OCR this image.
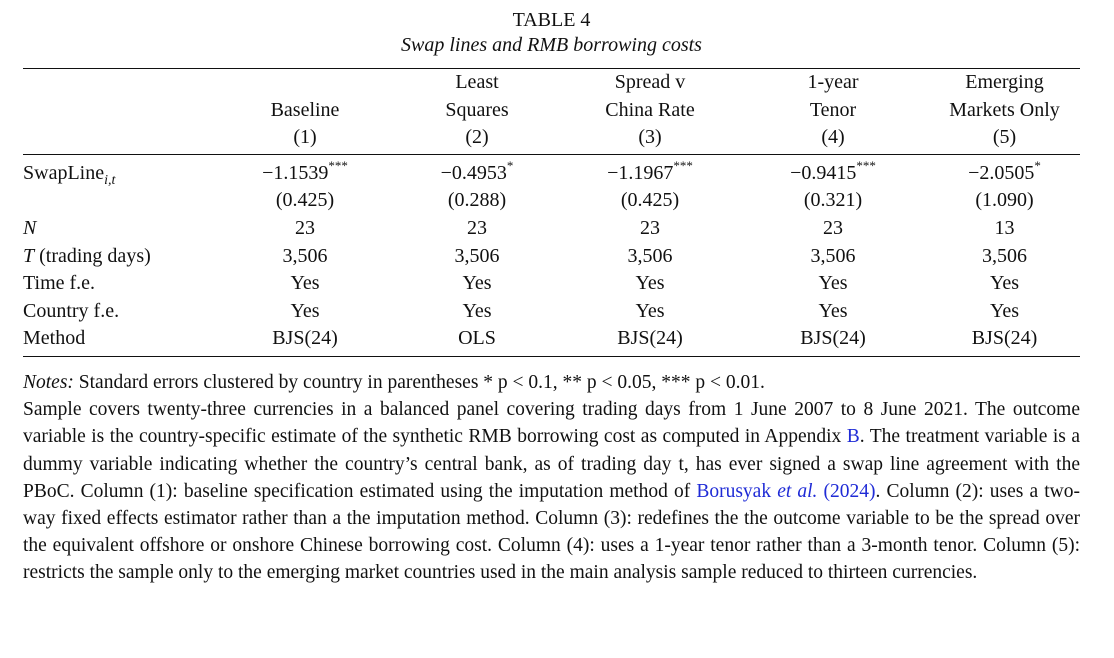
TABLE 4
Swap lines and RMB borrowing costs
		Least	Spread v	1-year	Emerging
	Baseline	Squares	China Rate	Tenor	Markets Only
	(1)	(2)	(3)	(4)	(5)
SwapLine$_{i,t}$	−1.1539***	−0.4953*	−1.1967***	−0.9415***	−2.0505*
	(0.425)	(0.288)	(0.425)	(0.321)	(1.090)
N	23	23	23	23	13
T (trading days)	3,506	3,506	3,506	3,506	3,506
Time f.e.	Yes	Yes	Yes	Yes	Yes
Country f.e.	Yes	Yes	Yes	Yes	Yes
Method	BJS(24)	OLS	BJS(24)	BJS(24)	BJS(24)
Notes: Standard errors clustered by country in parentheses * p < 0.1, ** p < 0.05, *** p < 0.01.
Sample covers twenty-three currencies in a balanced panel covering trading days from 1 June 2007 to 8 June 2021. The outcome variable is the country-specific estimate of the synthetic RMB borrowing cost as computed in Appendix B. The treatment variable is a dummy variable indicating whether the country’s central bank, as of trading day t, has ever signed a swap line agreement with the PBoC. Column (1): baseline specification estimated using the imputation method of Borusyak et al. (2024). Column (2): uses a two-way fixed effects estimator rather than a the imputation method. Column (3): redefines the the outcome variable to be the spread over the equivalent offshore or onshore Chinese borrowing cost. Column (4): uses a 1-year tenor rather than a 3-month tenor. Column (5): restricts the sample only to the emerging market countries used in the main analysis sample reduced to thirteen currencies.
